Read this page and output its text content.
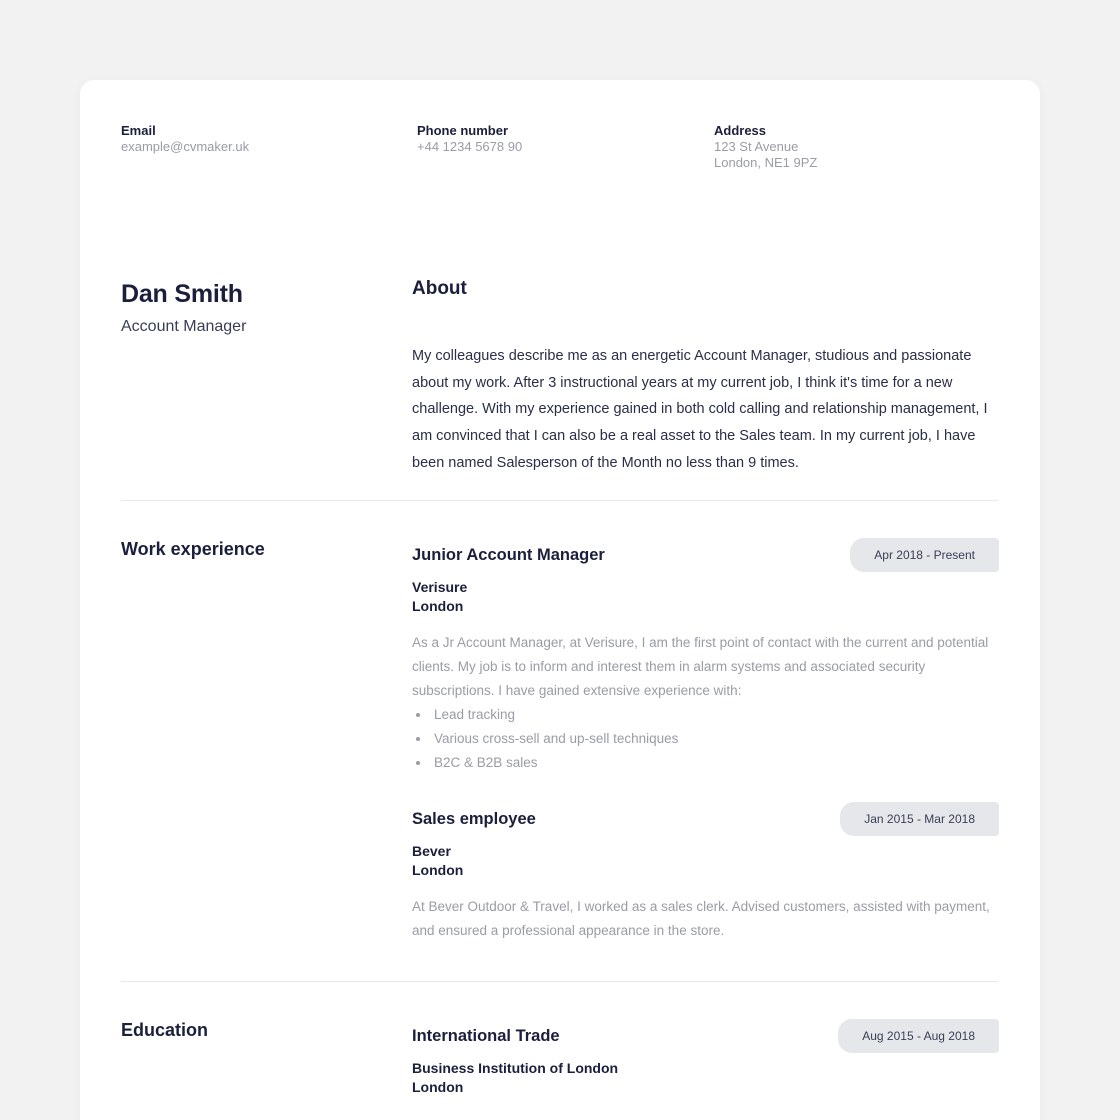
Email
example@cvmaker.uk
Phone number
+44 1234 5678 90
Address
123 St Avenue
London, NE1 9PZ
Dan Smith
Account Manager
About
My colleagues describe me as an energetic Account Manager, studious and passionate about my work. After 3 instructional years at my current job, I think it's time for a new challenge. With my experience gained in both cold calling and relationship management, I am convinced that I can also be a real asset to the Sales team. In my current job, I have been named Salesperson of the Month no less than 9 times.
Work experience	Junior Account Manager	Apr 2018 - Present
Verisure
London
As a Jr Account Manager, at Verisure, I am the first point of contact with the current and potential clients. My job is to inform and interest them in alarm systems and associated security subscriptions. I have gained extensive experience with:
Lead tracking
Various cross-sell and up-sell techniques
B2C & B2B sales
Sales employee	Jan 2015 - Mar 2018
Bever
London
At Bever Outdoor & Travel, I worked as a sales clerk. Advised customers, assisted with payment, and ensured a professional appearance in the store.
Education	International Trade	Aug 2015 - Aug 2018
Business Institution of London
London
